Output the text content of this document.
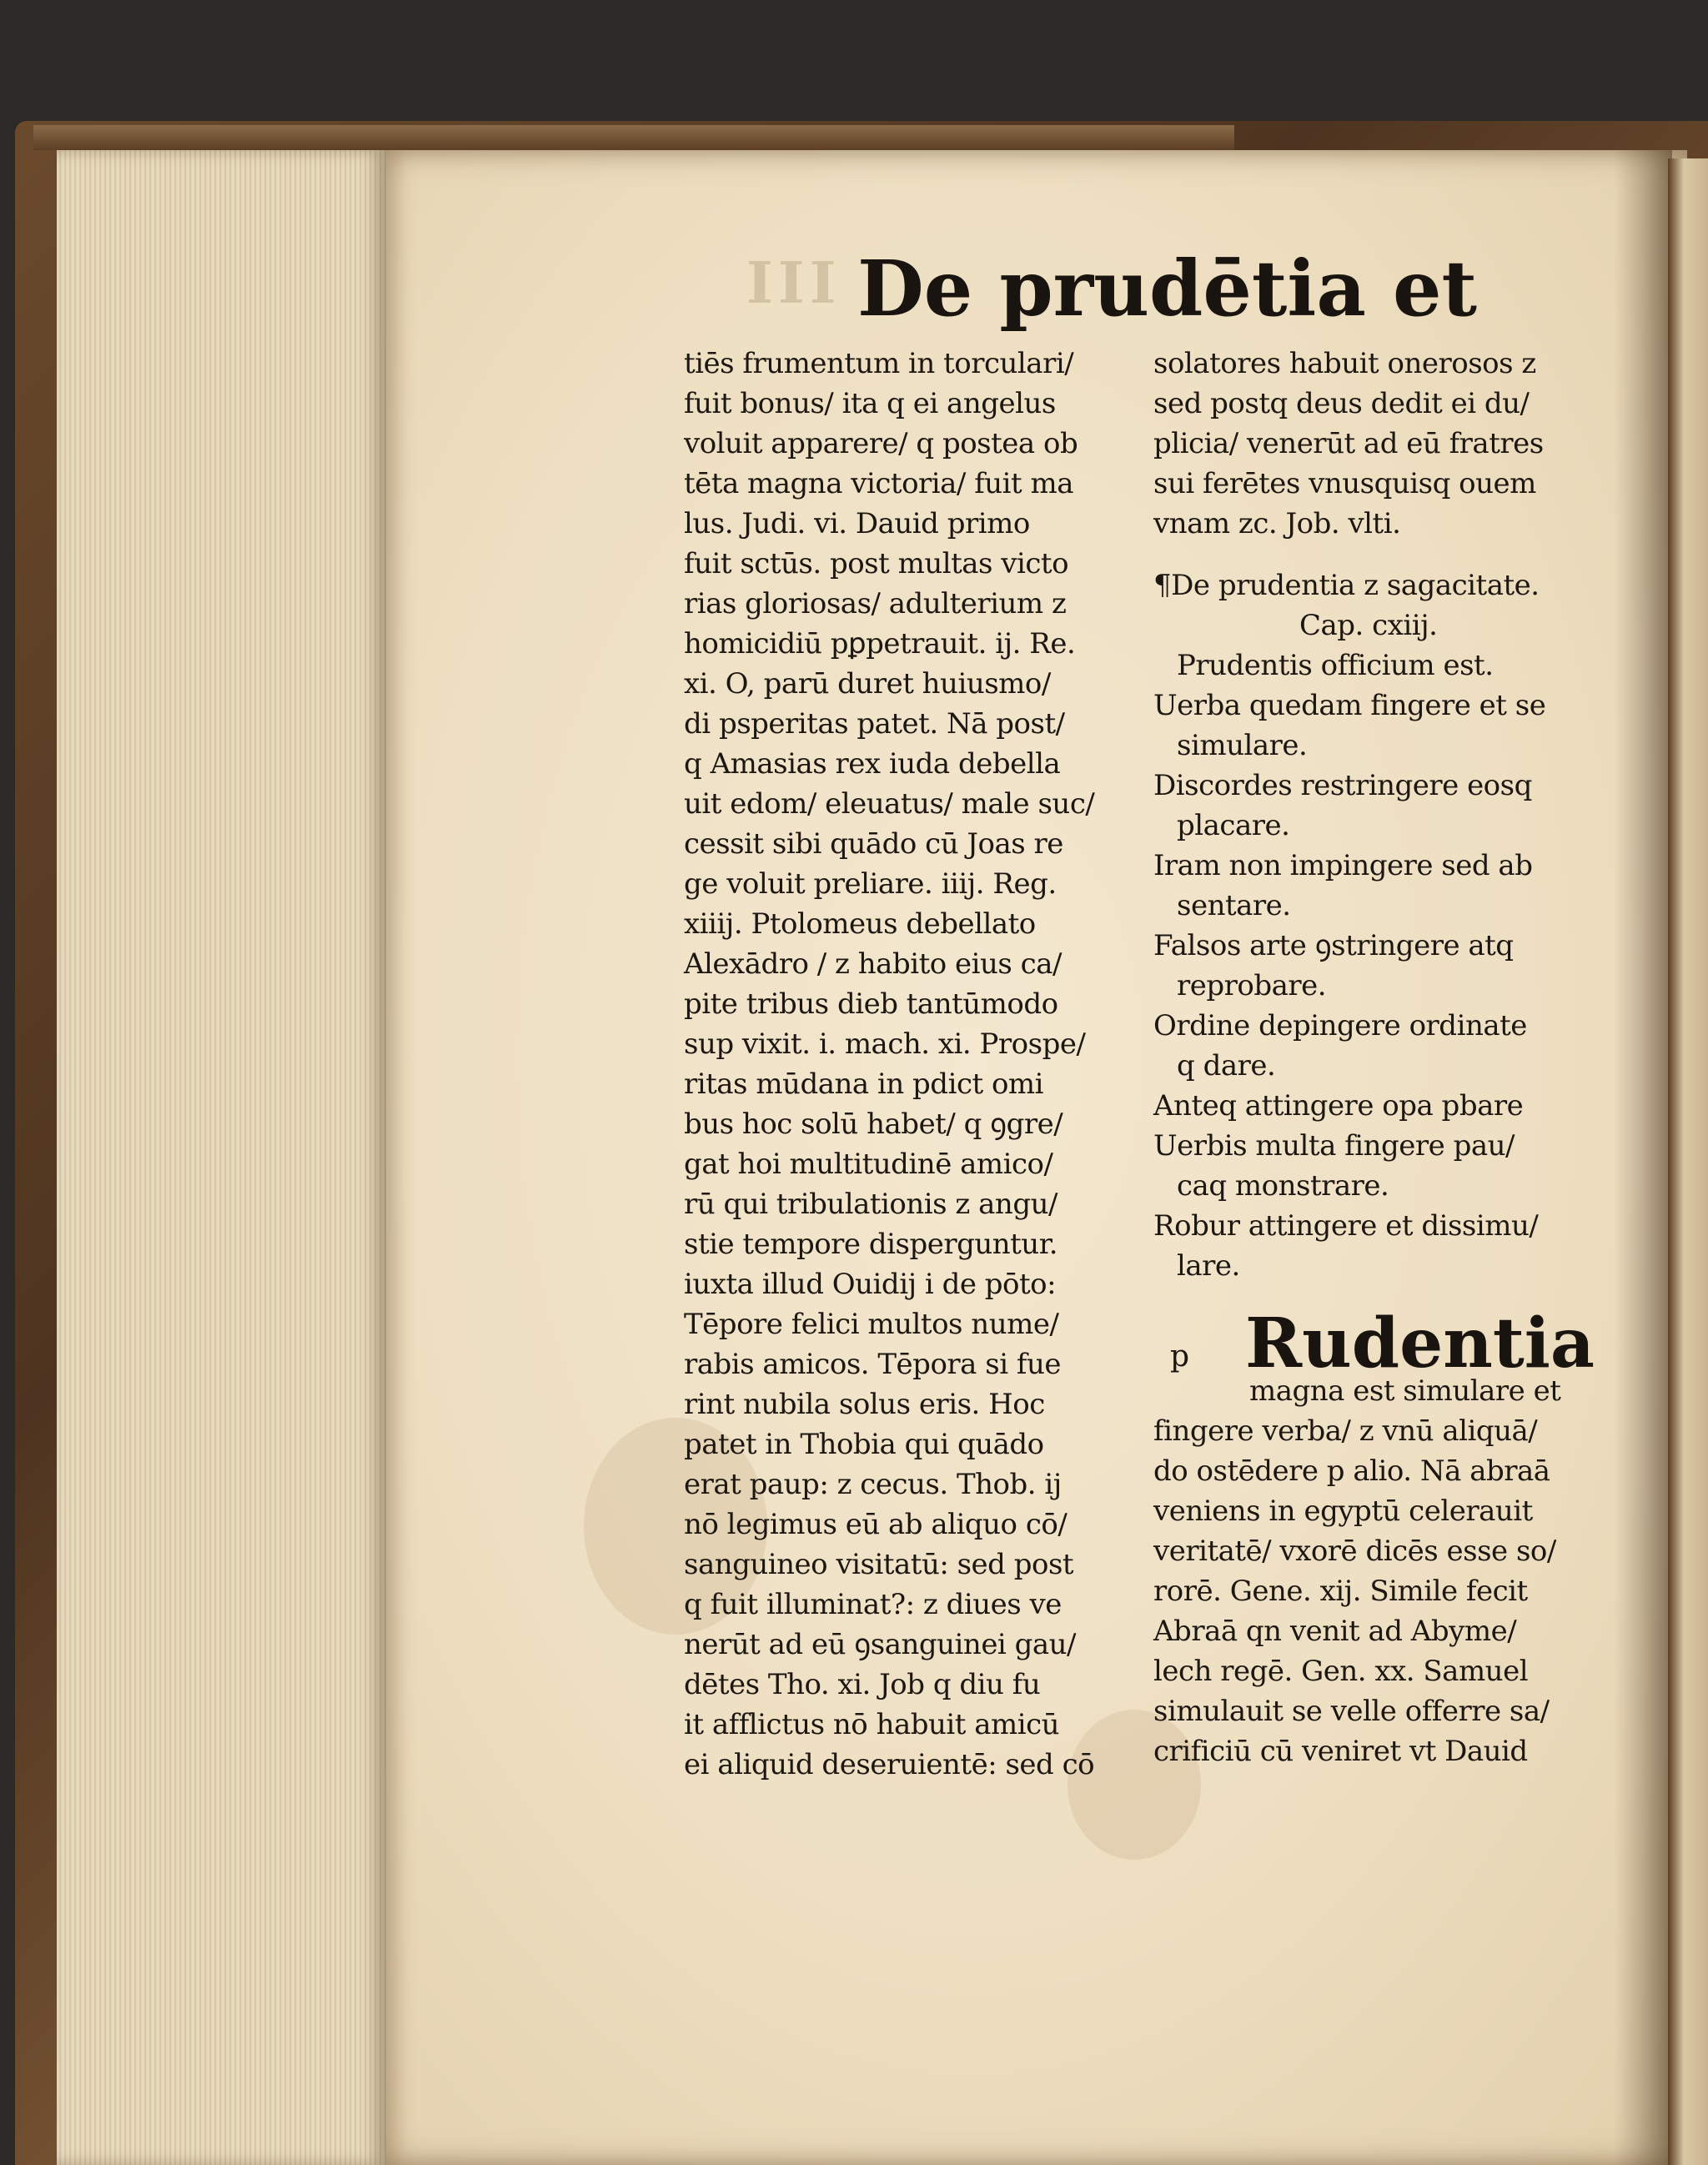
III De prudētia et
tiēs frumentum in torculari/
fuit bonus/ ita q ei angelus
voluit apparere/ q postea ob
tēta magna victoria/ fuit ma
lus. Judi. vi. Dauid primo
fuit sctūs. post multas victo
rias gloriosas/ adulterium z
homicidiū pꝑpetrauit. ij. Re.
xi. O, parū duret huiusmo/
di psperitas patet. Nā post/
q Amasias rex iuda debella
uit edom/ eleuatus/ male suc/
cessit sibi quādo cū Joas re
ge voluit preliare. iiij. Reg.
xiiij. Ptolomeus debellato
Alexādro / z habito eius ca/
pite tribus dieb tantūmodo
sup vixit. i. mach. xi. Prospe/
ritas mūdana in pdict omi
bus hoc solū habet/ q ꝯgre/
gat hoi multitudinē amico/
rū qui tribulationis z angu/
stie tempore disperguntur.
iuxta illud Ouidij i de pōto:
Tēpore felici multos nume/
rabis amicos. Tēpora si fue
rint nubila solus eris. Hoc
patet in Thobia qui quādo
erat paup: z cecus. Thob. ij
nō legimus eū ab aliquo cō/
sanguineo visitatū: sed post
q fuit illuminat?: z diues ve
nerūt ad eū ꝯsanguinei gau/
dētes Tho. xi. Job q diu fu
it afflictus nō habuit amicū
ei aliquid deseruientē: sed cō
solatores habuit onerosos z
sed postq deus dedit ei du/
plicia/ venerūt ad eū fratres
sui ferētes vnusquisq ouem
vnam zc. Job. vlti.
¶De prudentia z sagacitate.
Cap. cxiij.
Prudentis officium est.
Uerba quedam fingere et se
simulare.
Discordes restringere eosq
placare.
Iram non impingere sed ab
sentare.
Falsos arte ꝯstringere atq
reprobare.
Ordine depingere ordinate
q dare.
Anteq attingere opa pbare
Uerbis multa fingere pau/
caq monstrare.
Robur attingere et dissimu/
lare.
p Rudentia
magna est simulare et
fingere verba/ z vnū aliquā/
do ostēdere p alio. Nā abraā
veniens in egyptū celerauit
veritatē/ vxorē dicēs esse so/
rorē. Gene. xij. Simile fecit
Abraā qn venit ad Abyme/
lech regē. Gen. xx. Samuel
simulauit se velle offerre sa/
crificiū cū veniret vt Dauid
